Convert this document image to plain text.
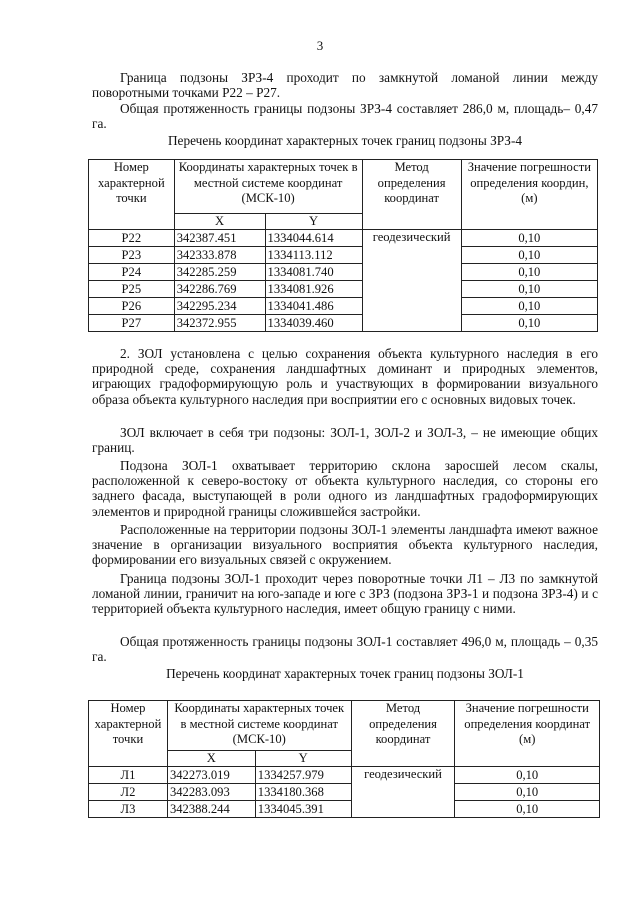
3

Граница подзоны ЗРЗ-4 проходит по замкнутой ломаной линии между поворотными точками Р22 – Р27.

Общая протяженность границы подзоны ЗРЗ-4 составляет 286,0 м, площадь– 0,47 га.

Перечень координат характерных точек границ подзоны ЗРЗ-4
Номер характерной точки	Координаты характерных точек в местной системе координат (МСК-10)		Метод определения координат	Значение погрешности определения координ, (м)
	X	Y		
Р22	342387.451	1334044.614	геодезический	0,10
Р23	342333.878	1334113.112		0,10
Р24	342285.259	1334081.740		0,10
Р25	342286.769	1334081.926		0,10
Р26	342295.234	1334041.486		0,10
Р27	342372.955	1334039.460		0,10

2. ЗОЛ установлена с целью сохранения объекта культурного наследия в его природной среде, сохранения ландшафтных доминант и природных элементов, играющих градоформирующую роль и участвующих в формировании визуального образа объекта культурного наследия при восприятии его с основных видовых точек.

ЗОЛ включает в себя три подзоны: ЗОЛ-1, ЗОЛ-2 и ЗОЛ-3, – не имеющие общих границ.

Подзона ЗОЛ-1 охватывает территорию склона заросшей лесом скалы, расположенной к северо-востоку от объекта культурного наследия, со стороны его заднего фасада, выступающей в роли одного из ландшафтных градоформирующих элементов и природной границы сложившейся застройки.

Расположенные на территории подзоны ЗОЛ-1 элементы ландшафта имеют важное значение в организации визуального восприятия объекта культурного наследия, формировании его визуальных связей с окружением.

Граница подзоны ЗОЛ-1 проходит через поворотные точки Л1 – Л3 по замкнутой ломаной линии, граничит на юго-западе и юге с ЗРЗ (подзона ЗРЗ-1 и подзона ЗРЗ-4) и с территорией объекта культурного наследия, имеет общую границу с ними.

Общая протяженность границы подзоны ЗОЛ-1 составляет 496,0 м, площадь – 0,35 га.

Перечень координат характерных точек границ подзоны ЗОЛ-1
Номер характерной точки	Координаты характерных точек в местной системе координат (МСК-10)		Метод определения координат	Значение погрешности определения координат (м)
	X	Y		
Л1	342273.019	1334257.979	геодезический	0,10
Л2	342283.093	1334180.368		0,10
Л3	342388.244	1334045.391		0,10
